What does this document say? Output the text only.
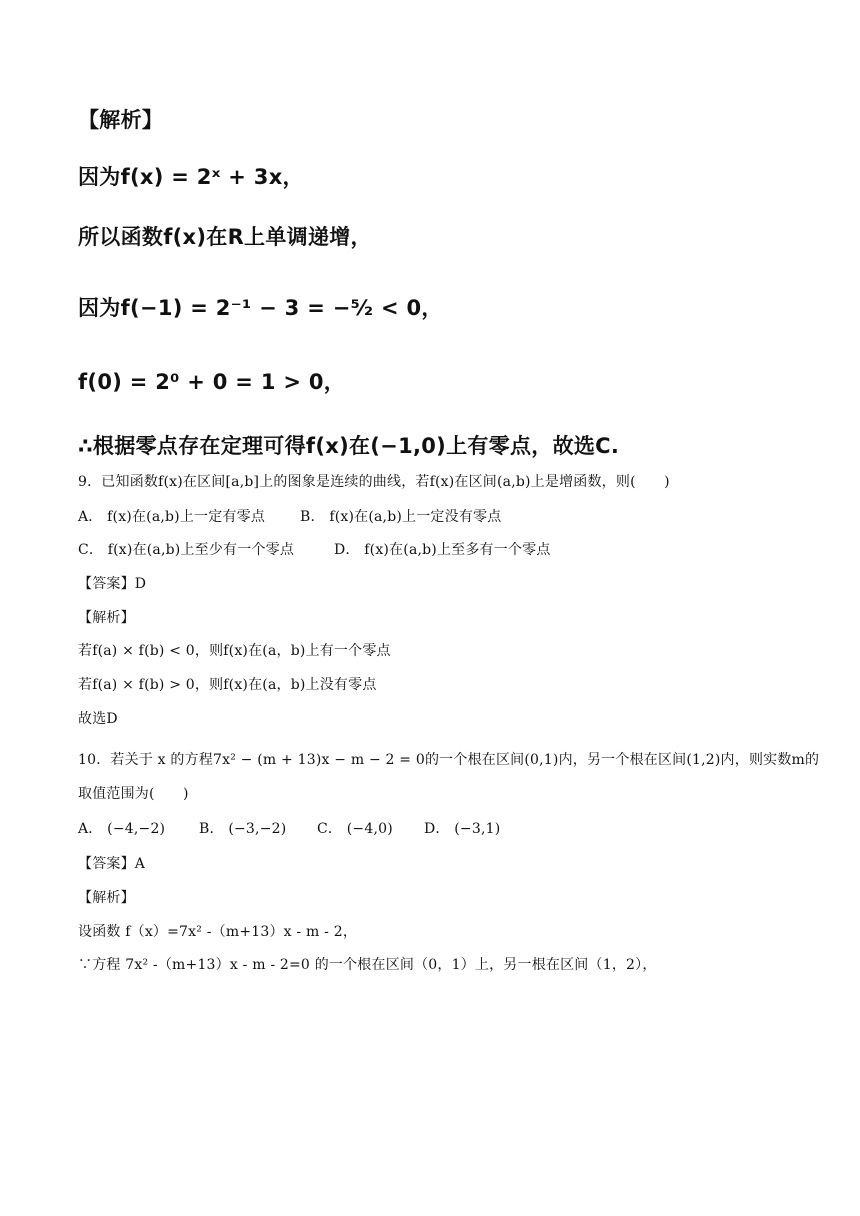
【解析】
因为f(x) = 2ˣ + 3x，
所以函数f(x)在R上单调递增，
因为f(−1) = 2⁻¹ − 3 = −⁵⁄₂ < 0，
f(0) = 2⁰ + 0 = 1 > 0，
∴根据零点存在定理可得f(x)在(−1,0)上有零点，故选C.
9．已知函数f(x)在区间[a,b]上的图象是连续的曲线，若f(x)在区间(a,b)上是增函数，则(　　)
A． f(x)在(a,b)上一定有零点 B． f(x)在(a,b)上一定没有零点
C． f(x)在(a,b)上至少有一个零点	D． f(x)在(a,b)上至多有一个零点
【答案】D
【解析】
若f(a) × f(b) < 0，则f(x)在(a，b)上有一个零点
若f(a) × f(b) > 0，则f(x)在(a，b)上没有零点
故选D
10．若关于 x 的方程7x² − (m + 13)x − m − 2 = 0的一个根在区间(0,1)内，另一个根在区间(1,2)内，则实数m的
取值范围为(　　)
A． (−4,−2) B． (−3,−2) C． (−4,0) D． (−3,1)
【答案】A
【解析】
设函数 f（x）=7x² -（m+13）x - m - 2，
∵方程 7x² -（m+13）x - m - 2=0 的一个根在区间（0，1）上，另一根在区间（1，2），
